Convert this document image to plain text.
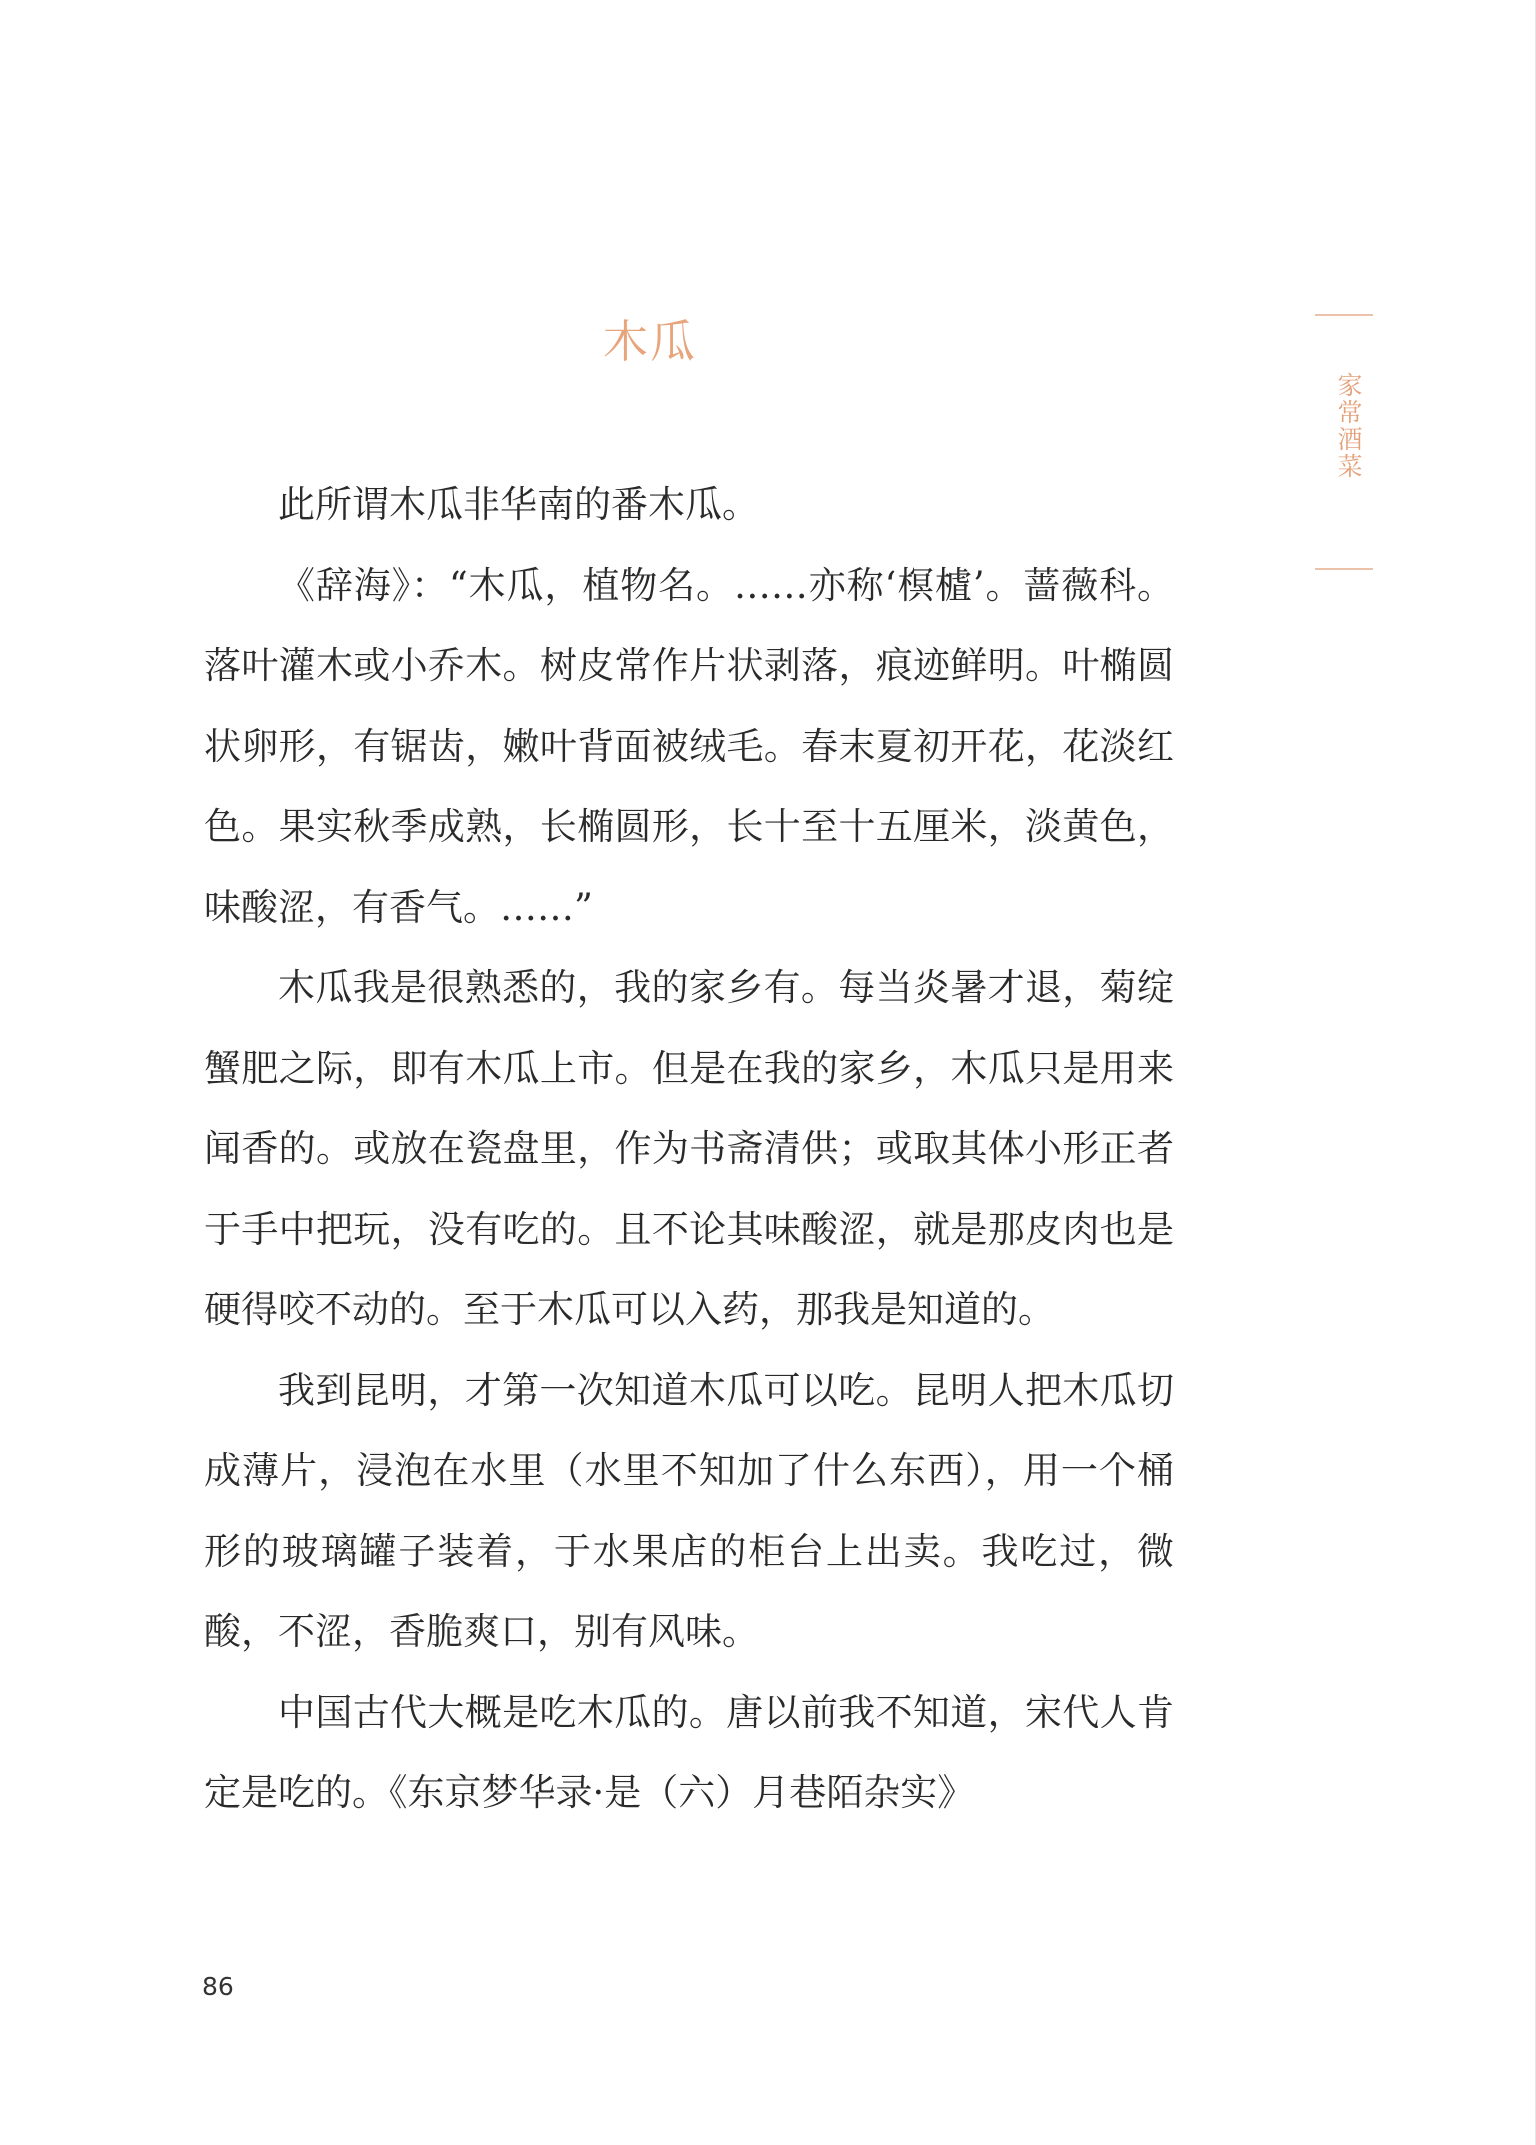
木瓜
家常酒菜

此所谓木瓜非华南的番木瓜。

《辞海》：“木瓜，植物名。……亦称‘榠樝’。蔷薇科。落叶灌木或小乔木。树皮常作片状剥落，痕迹鲜明。叶椭圆状卵形，有锯齿，嫩叶背面被绒毛。春末夏初开花，花淡红色。果实秋季成熟，长椭圆形，长十至十五厘米，淡黄色，味酸涩，有香气。……”

木瓜我是很熟悉的，我的家乡有。每当炎暑才退，菊绽蟹肥之际，即有木瓜上市。但是在我的家乡，木瓜只是用来闻香的。或放在瓷盘里，作为书斋清供；或取其体小形正者于手中把玩，没有吃的。且不论其味酸涩，就是那皮肉也是硬得咬不动的。至于木瓜可以入药，那我是知道的。

我到昆明，才第一次知道木瓜可以吃。昆明人把木瓜切成薄片，浸泡在水里（水里不知加了什么东西），用一个桶形的玻璃罐子装着，于水果店的柜台上出卖。我吃过，微酸，不涩，香脆爽口，别有风味。

中国古代大概是吃木瓜的。唐以前我不知道，宋代人肯定是吃的。《东京梦华录·是（六）月巷陌杂实》

86
